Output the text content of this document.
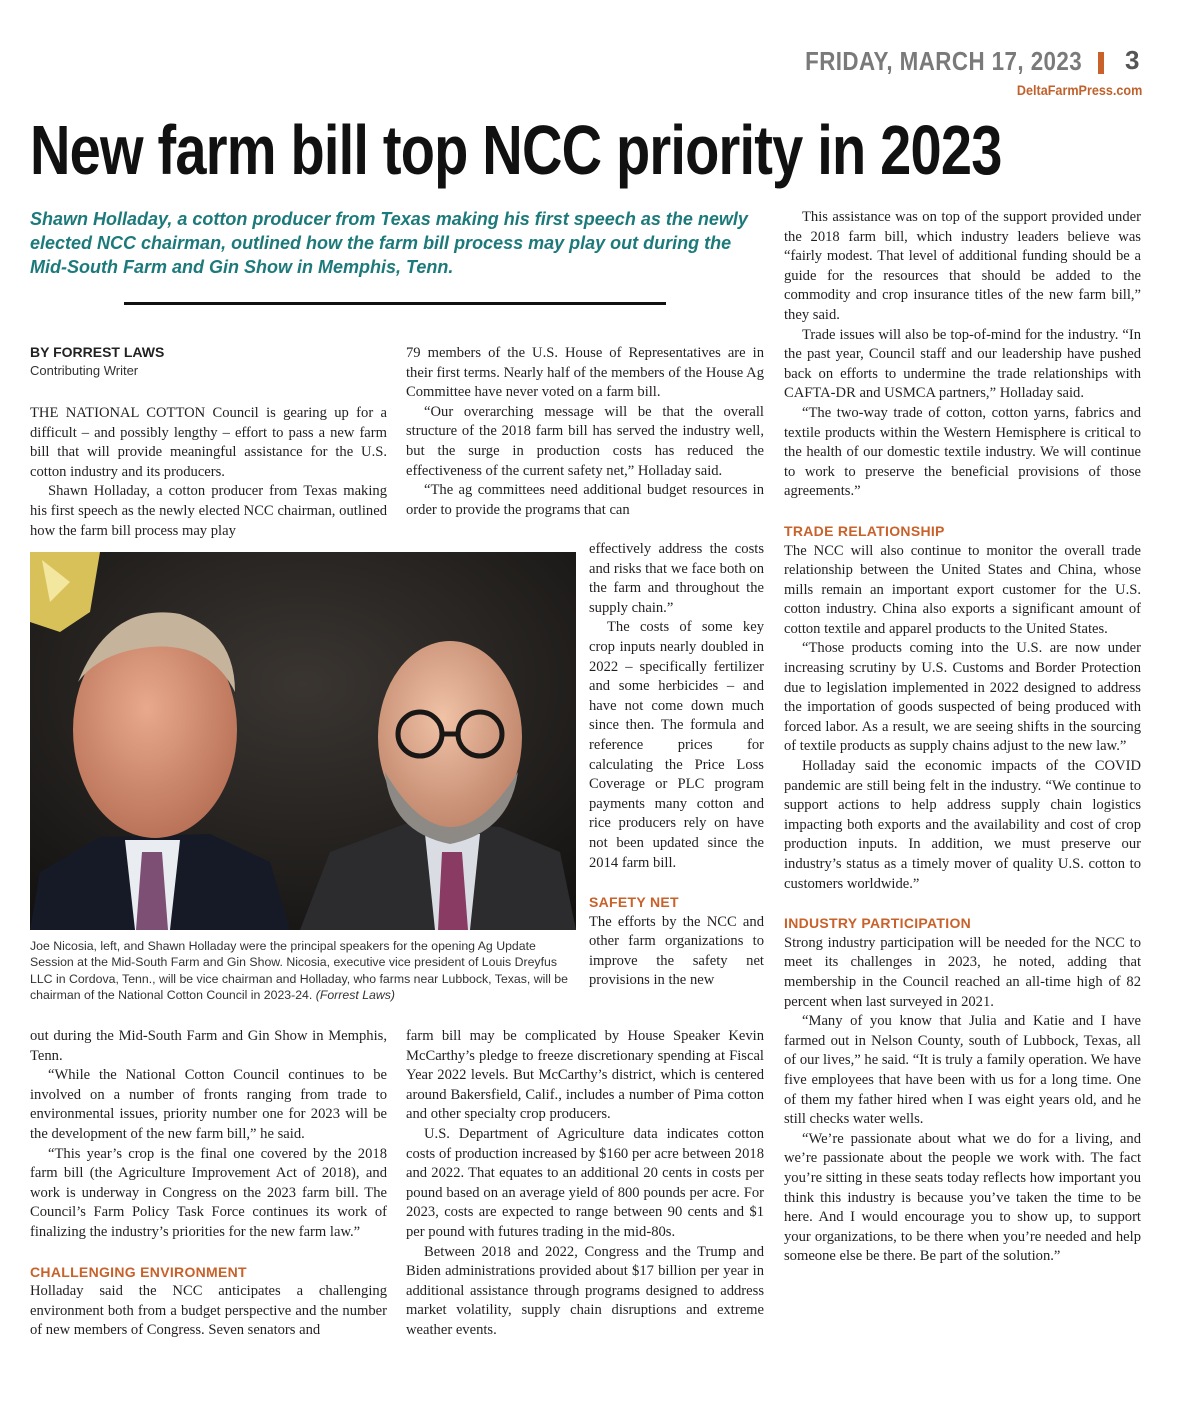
FRIDAY, MARCH 17, 2023 3
DeltaFarmPress.com
New farm bill top NCC priority in 2023
Shawn Holladay, a cotton producer from Texas making his first speech as the newly elected NCC chairman, outlined how the farm bill process may play out during the Mid-South Farm and Gin Show in Memphis, Tenn.
BY FORREST LAWS
Contributing Writer

THE NATIONAL COTTON Council is gearing up for a difficult – and possibly lengthy – effort to pass a new farm bill that will provide meaningful assistance for the U.S. cotton industry and its producers.

Shawn Holladay, a cotton producer from Texas making his first speech as the newly elected NCC chairman, outlined how the farm bill process may play

Joe Nicosia, left, and Shawn Holladay were the principal speakers for the opening Ag Update Session at the Mid-South Farm and Gin Show. Nicosia, executive vice president of Louis Dreyfus LLC in Cordova, Tenn., will be vice chairman and Holladay, who farms near Lubbock, Texas, will be chairman of the National Cotton Council in 2023-24. (Forrest Laws)

out during the Mid-South Farm and Gin Show in Memphis, Tenn.

“While the National Cotton Council continues to be involved on a number of fronts ranging from trade to environmental issues, priority number one for 2023 will be the development of the new farm bill,” he said.

“This year’s crop is the final one covered by the 2018 farm bill (the Agriculture Improvement Act of 2018), and work is underway in Congress on the 2023 farm bill. The Council’s Farm Policy Task Force continues its work of finalizing the industry’s priorities for the new farm law.”

CHALLENGING ENVIRONMENT

Holladay said the NCC anticipates a challenging environment both from a budget perspective and the number of new members of Congress. Seven senators and

79 members of the U.S. House of Representatives are in their first terms. Nearly half of the members of the House Ag Committee have never voted on a farm bill.

“Our overarching message will be that the overall structure of the 2018 farm bill has served the industry well, but the surge in production costs has reduced the effectiveness of the current safety net,” Holladay said.

“The ag committees need additional budget resources in order to provide the programs that can

effectively address the costs and risks that we face both on the farm and throughout the supply chain.”

The costs of some key crop inputs nearly doubled in 2022 – specifically fertilizer and some herbicides – and have not come down much since then. The formula and reference prices for calculating the Price Loss Coverage or PLC program payments many cotton and rice producers rely on have not been updated since the 2014 farm bill.

SAFETY NET

The efforts by the NCC and other farm organizations to improve the safety net provisions in the new

farm bill may be complicated by House Speaker Kevin McCarthy’s pledge to freeze discretionary spending at Fiscal Year 2022 levels. But McCarthy’s district, which is centered around Bakersfield, Calif., includes a number of Pima cotton and other specialty crop producers.

U.S. Department of Agriculture data indicates cotton costs of production increased by $160 per acre between 2018 and 2022. That equates to an additional 20 cents in costs per pound based on an average yield of 800 pounds per acre. For 2023, costs are expected to range between 90 cents and $1 per pound with futures trading in the mid-80s.

Between 2018 and 2022, Congress and the Trump and Biden administrations provided about $17 billion per year in additional assistance through programs designed to address market volatility, supply chain disruptions and extreme weather events.

This assistance was on top of the support provided under the 2018 farm bill, which industry leaders believe was “fairly modest. That level of additional funding should be a guide for the resources that should be added to the commodity and crop insurance titles of the new farm bill,” they said.

Trade issues will also be top-of-mind for the industry. “In the past year, Council staff and our leadership have pushed back on efforts to undermine the trade relationships with CAFTA-DR and USMCA partners,” Holladay said.

“The two-way trade of cotton, cotton yarns, fabrics and textile products within the Western Hemisphere is critical to the health of our domestic textile industry. We will continue to work to preserve the beneficial provisions of those agreements.”

TRADE RELATIONSHIP

The NCC will also continue to monitor the overall trade relationship between the United States and China, whose mills remain an important export customer for the U.S. cotton industry. China also exports a significant amount of cotton textile and apparel products to the United States.

“Those products coming into the U.S. are now under increasing scrutiny by U.S. Customs and Border Protection due to legislation implemented in 2022 designed to address the importation of goods suspected of being produced with forced labor. As a result, we are seeing shifts in the sourcing of textile products as supply chains adjust to the new law.”

Holladay said the economic impacts of the COVID pandemic are still being felt in the industry. “We continue to support actions to help address supply chain logistics impacting both exports and the availability and cost of crop production inputs. In addition, we must preserve our industry’s status as a timely mover of quality U.S. cotton to customers worldwide.”

INDUSTRY PARTICIPATION

Strong industry participation will be needed for the NCC to meet its challenges in 2023, he noted, adding that membership in the Council reached an all-time high of 82 percent when last surveyed in 2021.

“Many of you know that Julia and Katie and I have farmed out in Nelson County, south of Lubbock, Texas, all of our lives,” he said. “It is truly a family operation. We have five employees that have been with us for a long time. One of them my father hired when I was eight years old, and he still checks water wells.

“We’re passionate about what we do for a living, and we’re passionate about the people we work with. The fact you’re sitting in these seats today reflects how important you think this industry is because you’ve taken the time to be here. And I would encourage you to show up, to support your organizations, to be there when you’re needed and help someone else be there. Be part of the solution.”
